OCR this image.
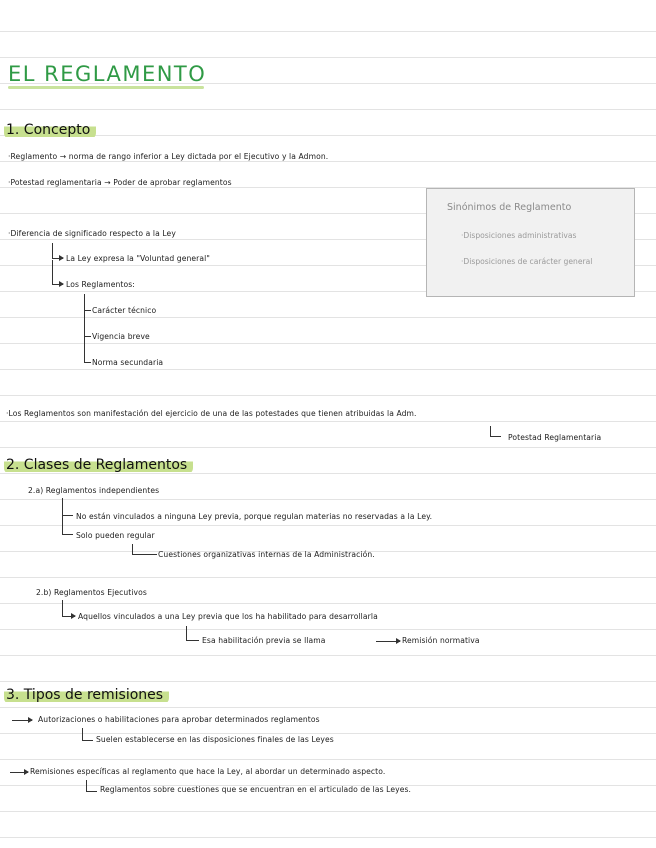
EL REGLAMENTO
1. Concepto
·Reglamento → norma de rango inferior a Ley dictada por el Ejecutivo y la Admon.
·Potestad reglamentaria → Poder de aprobar reglamentos
·Diferencia de significado respecto a la Ley
La Ley expresa la "Voluntad general"
Los Reglamentos:
Carácter técnico
Vigencia breve
Norma secundaria
·Los Reglamentos son manifestación del ejercicio de una de las potestades que tienen atribuidas la Adm.
Potestad Reglamentaria
Sinónimos de Reglamento
·Disposiciones administrativas
·Disposiciones de carácter general
2. Clases de Reglamentos
2.a) Reglamentos independientes
No están vinculados a ninguna Ley previa, porque regulan materias no reservadas a la Ley.
Solo pueden regular
Cuestiones organizativas internas de la Administración.
2.b) Reglamentos Ejecutivos
Aquellos vinculados a una Ley previa que los ha habilitado para desarrollarla
Esa habilitación previa se llama	Remisión normativa
3. Tipos de remisiones
Autorizaciones o habilitaciones para aprobar determinados reglamentos
Suelen establecerse en las disposiciones finales de las Leyes
Remisiones específicas al reglamento que hace la Ley, al abordar un determinado aspecto.
Reglamentos sobre cuestiones que se encuentran en el articulado de las Leyes.
